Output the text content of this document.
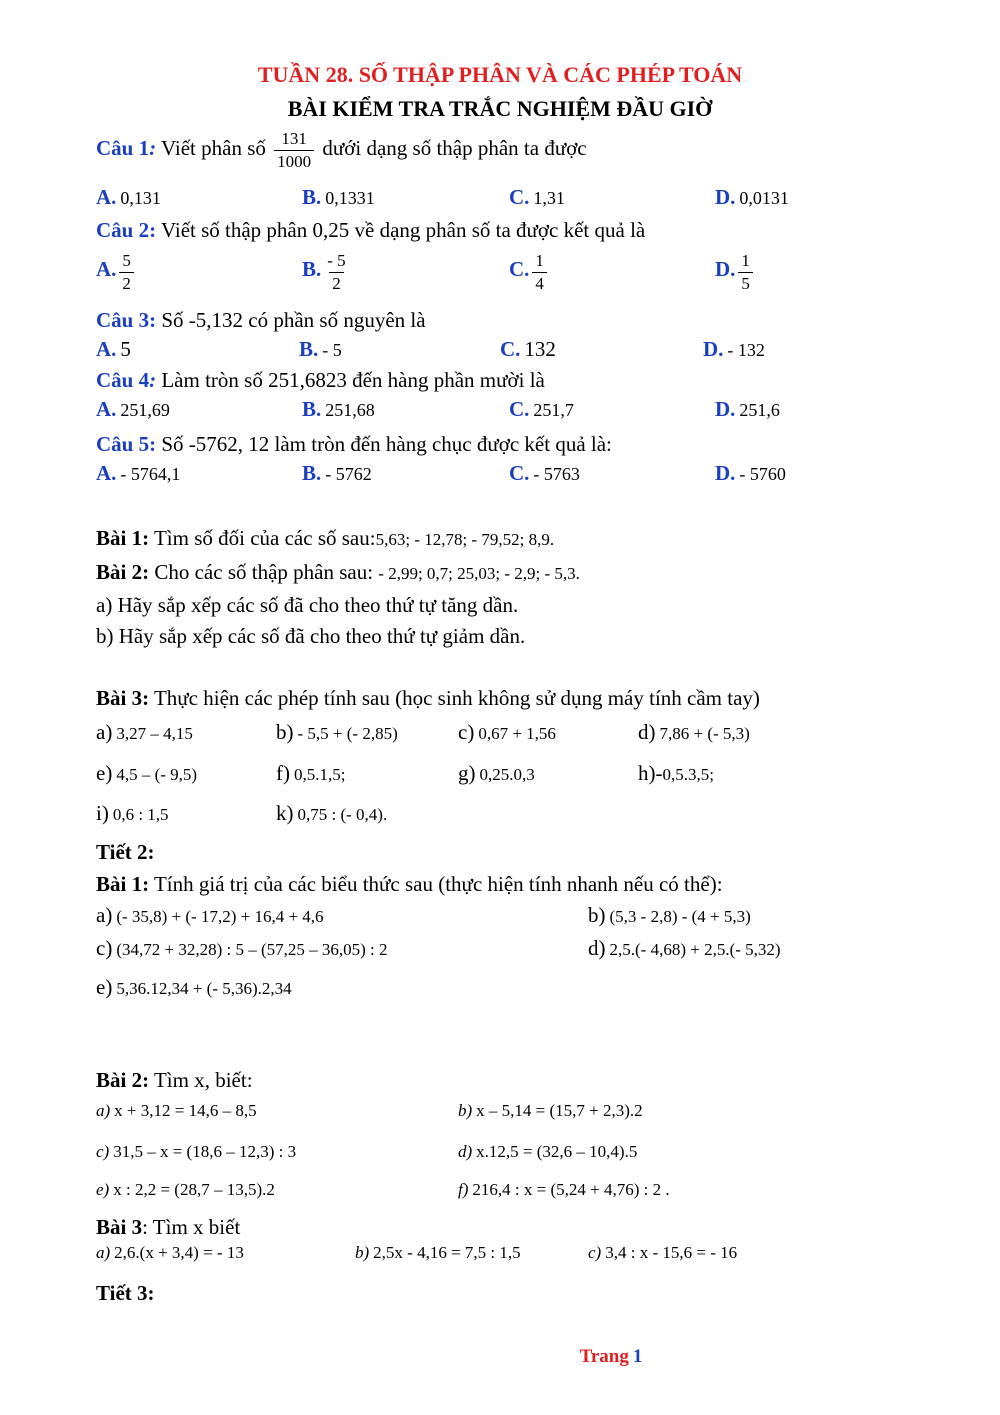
TUẦN 28. SỐ THẬP PHÂN VÀ CÁC PHÉP TOÁN
BÀI KIỂM TRA TRẮC NGHIỆM ĐẦU GIỜ
Câu 1: Viết phân số $\frac{131}{1000}$ dưới dạng số thập phân ta được
A. 0,131	B. 0,1331	C. 1,31	D. 0,0131
Câu 2: Viết số thập phân 0,25 về dạng phân số ta được kết quả là
A. $\frac{5}{2}$	B. $\frac{- 5}{2}$	C. $\frac{1}{4}$	D. $\frac{1}{5}$
Câu 3: Số -5,132 có phần số nguyên là
A. 5	B. - 5	C. 132	D. - 132
Câu 4: Làm tròn số 251,6823 đến hàng phần mười là
A. 251,69	B. 251,68	C. 251,7	D. 251,6
Câu 5: Số -5762, 12 làm tròn đến hàng chục được kết quả là:
A. - 5764,1	B. - 5762	C. - 5763	D. - 5760
Bài 1: Tìm số đối của các số sau:5,63; - 12,78; - 79,52; 8,9.
Bài 2: Cho các số thập phân sau: - 2,99; 0,7; 25,03; - 2,9; - 5,3.
a) Hãy sắp xếp các số đã cho theo thứ tự tăng dần.
b) Hãy sắp xếp các số đã cho theo thứ tự giảm dần.
Bài 3: Thực hiện các phép tính sau (học sinh không sử dụng máy tính cầm tay)
a) 3,27 – 4,15	b) - 5,5 + (- 2,85)	c) 0,67 + 1,56	d) 7,86 + (- 5,3)
e) 4,5 – (- 9,5)	f) 0,5.1,5;	g) 0,25.0,3	h)-0,5.3,5;
i) 0,6 : 1,5	k) 0,75 : (- 0,4).
Tiết 2:
Bài 1: Tính giá trị của các biểu thức sau (thực hiện tính nhanh nếu có thể):
a) (- 35,8) + (- 17,2) + 16,4 + 4,6	b) (5,3 - 2,8) - (4 + 5,3)
c) (34,72 + 32,28) : 5 – (57,25 – 36,05) : 2	d) 2,5.(- 4,68) + 2,5.(- 5,32)
e) 5,36.12,34 + (- 5,36).2,34
Bài 2: Tìm x, biết:
a) x + 3,12 = 14,6 – 8,5	b) x – 5,14 = (15,7 + 2,3).2
c) 31,5 – x = (18,6 – 12,3) : 3	d) x.12,5 = (32,6 – 10,4).5
e) x : 2,2 = (28,7 – 13,5).2	f) 216,4 : x = (5,24 + 4,76) : 2 .
Bài 3: Tìm x biết
a) 2,6.(x + 3,4) = - 13	b) 2,5x - 4,16 = 7,5 : 1,5	c) 3,4 : x - 15,6 = - 16
Tiết 3:
Trang 1
